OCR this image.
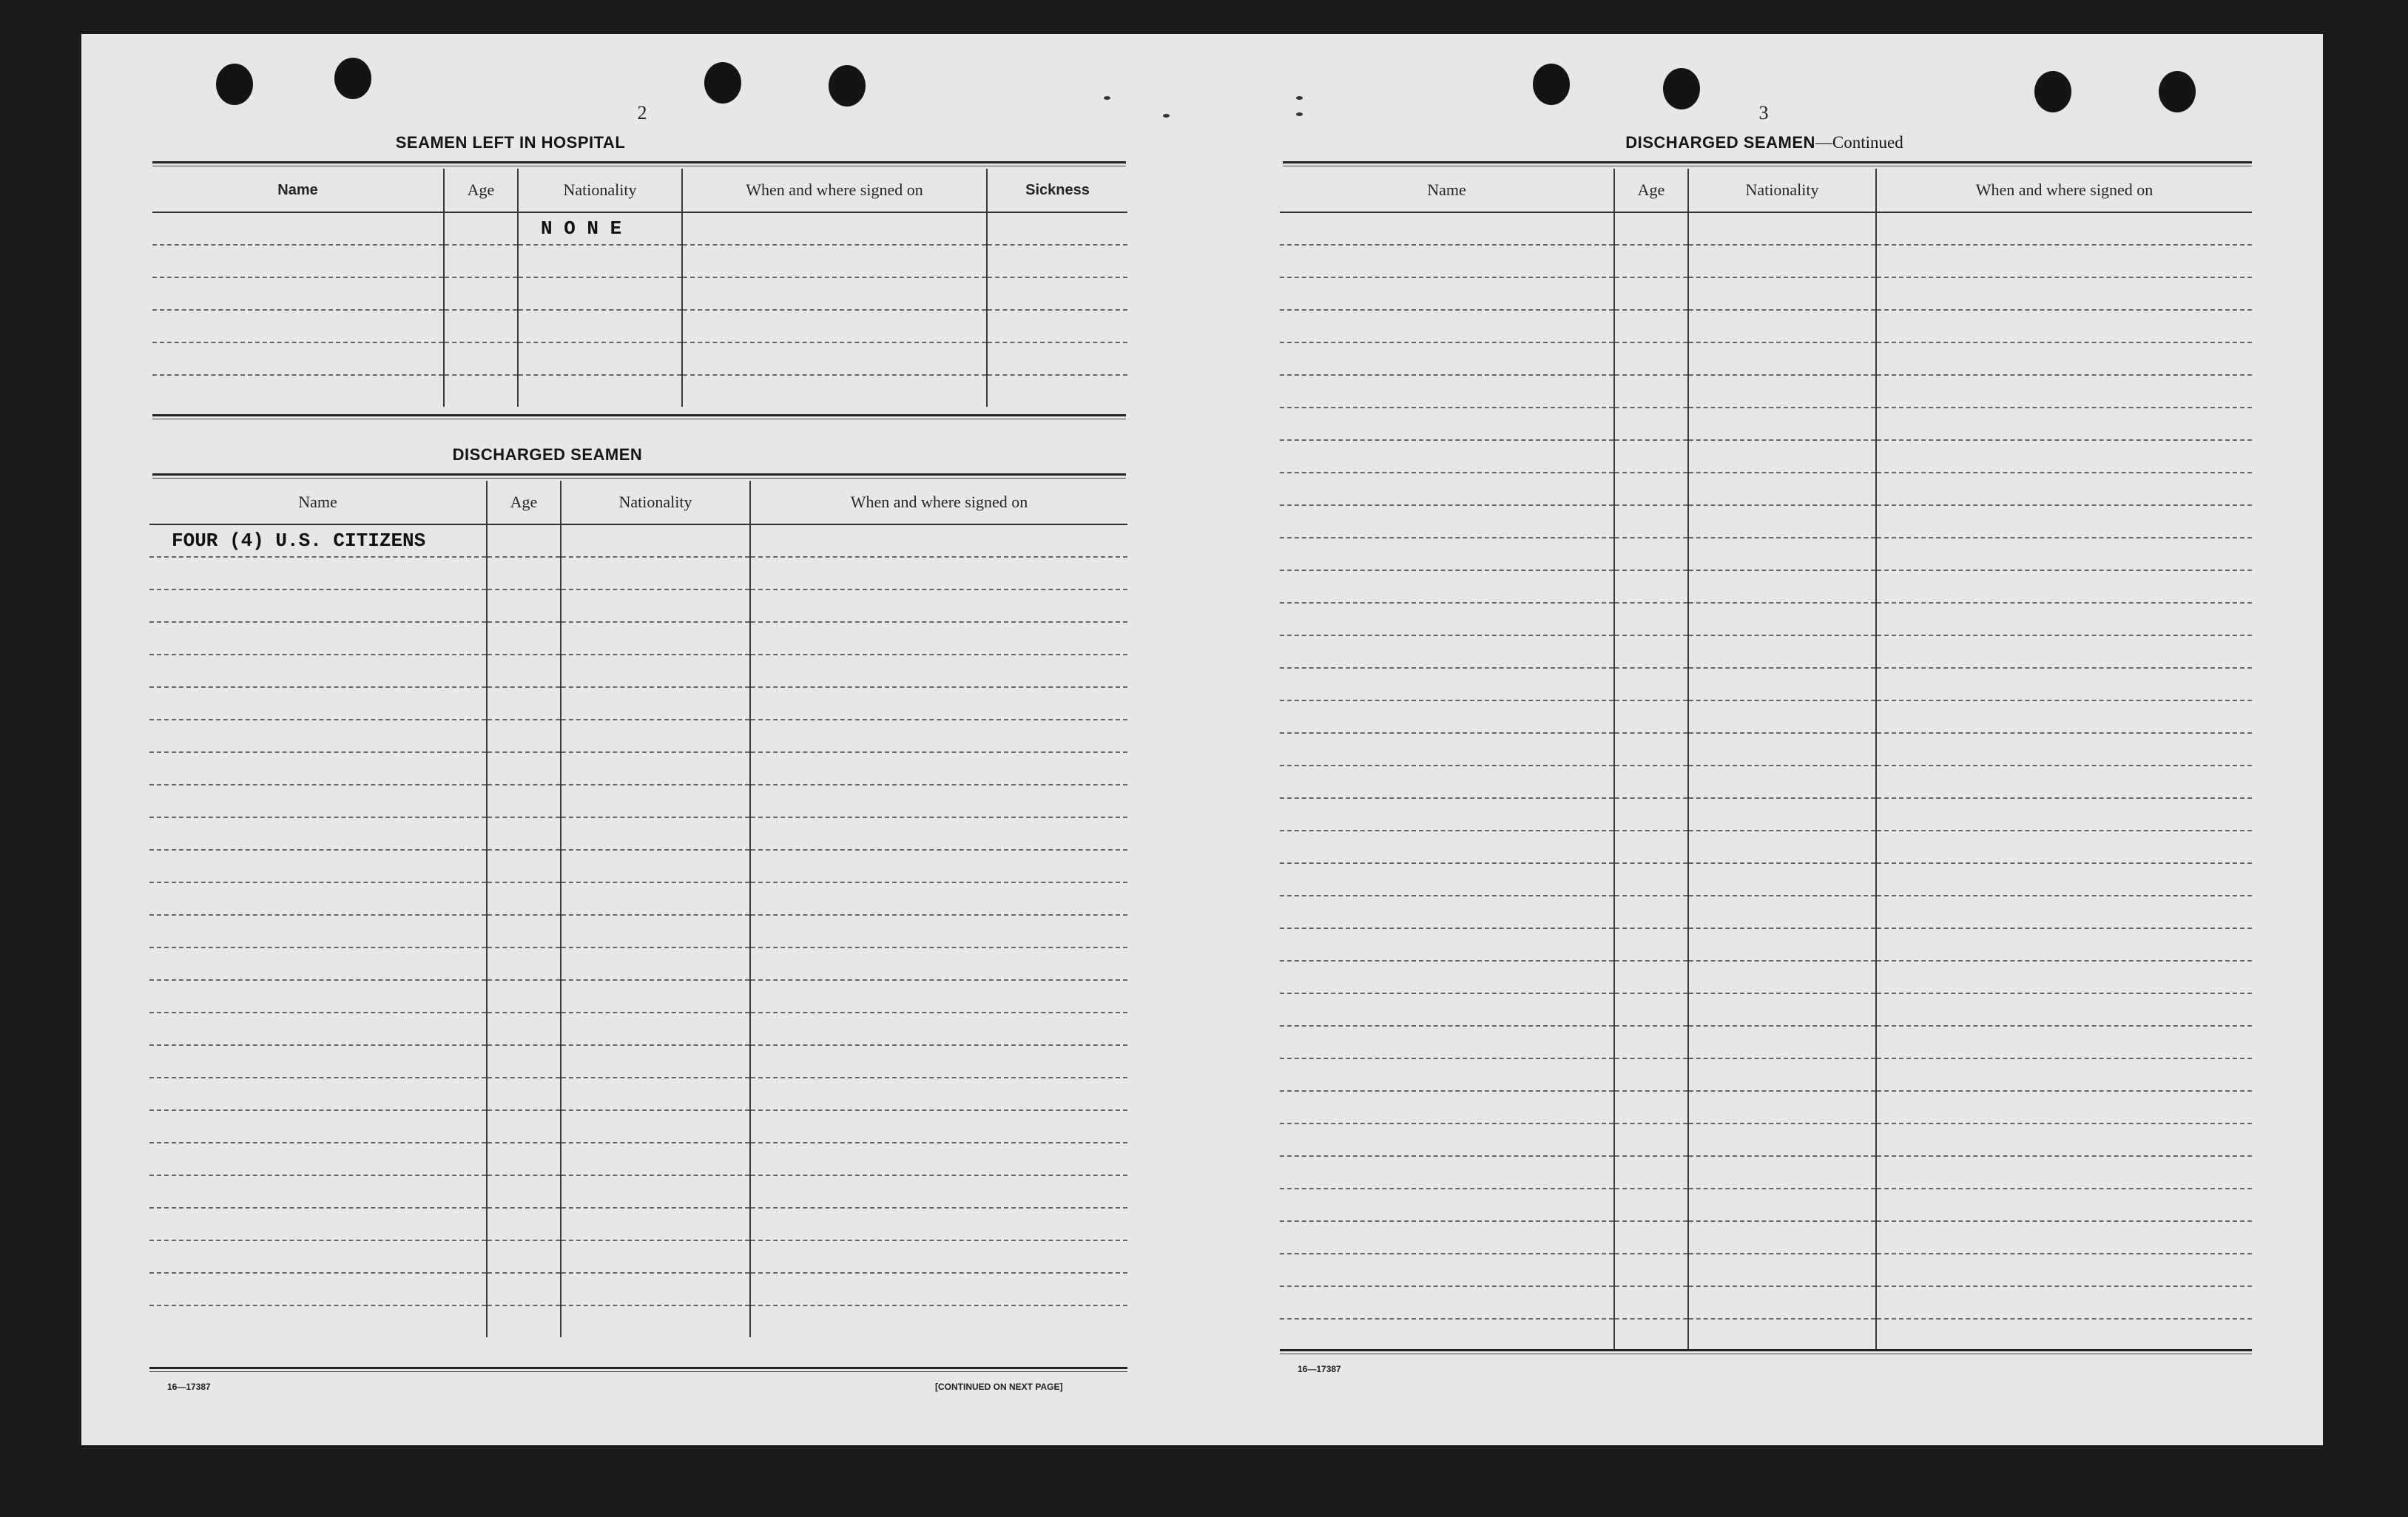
2
SEAMEN LEFT IN HOSPITAL
Name	Age	Nationality	When and where signed on	Sickness
		N O N E		

DISCHARGED SEAMEN
Name	Age	Nationality	When and where signed on
FOUR (4) U.S. CITIZENS			

16—17387	[CONTINUED ON NEXT PAGE]
3
DISCHARGED SEAMEN—Continued
Name	Age	Nationality	When and where signed on

16—17387
